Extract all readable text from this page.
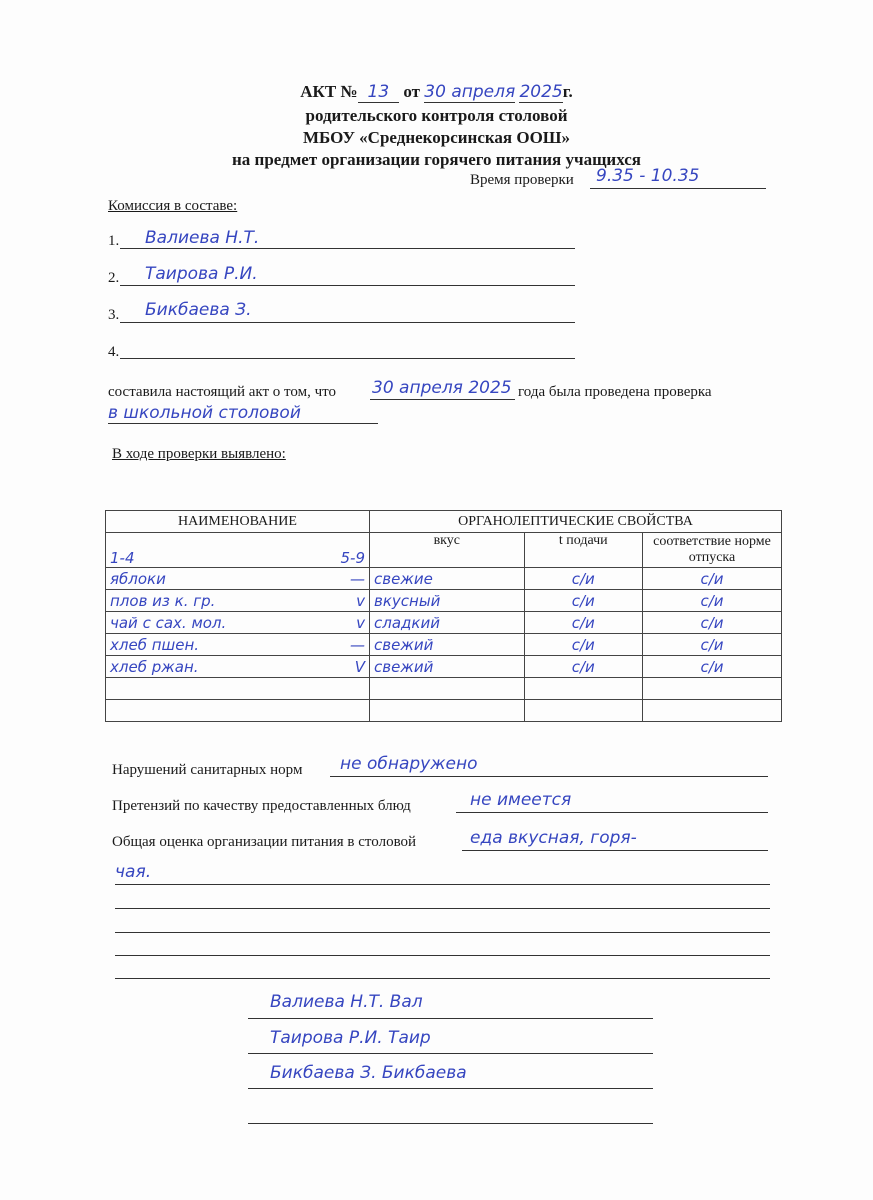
АКТ № 13 от 30 апреля 2025г.
родительского контроля столовой
МБОУ «Среднекорсинская ООШ»
на предмет организации горячего питания учащихся
Время проверки 9.35 - 10.35
Комиссия в составе:
1. Валиева Н.Т.
2. Таирова Р.И.
3. Бикбаева З.
4.
составила настоящий акт о том, что 30 апреля 2025 года была проведена проверка
в школьной столовой
В ходе проверки выявлено:
НАИМЕНОВАНИЕ	ОРГАНОЛЕПТИЧЕСКИЕ СВОЙСТВА		
1-4 5-9	вкус	t подачи	соответствие норме отпуска
яблоки —	свежие	с/и	с/и
плов из к. гр. v	вкусный	с/и	с/и
чай с сах. мол. v	сладкий	с/и	с/и
хлеб пшен. —	свежий	с/и	с/и
хлеб ржан. V	свежий	с/и	с/и

Нарушений санитарных норм не обнаружено
Претензий по качеству предоставленных блюд	не имеется
Общая оценка организации питания в столовой	еда вкусная, горя-
чая.
Валиева Н.Т. Вал
Таирова Р.И. Таир
Бикбаева З. Бикбаева
